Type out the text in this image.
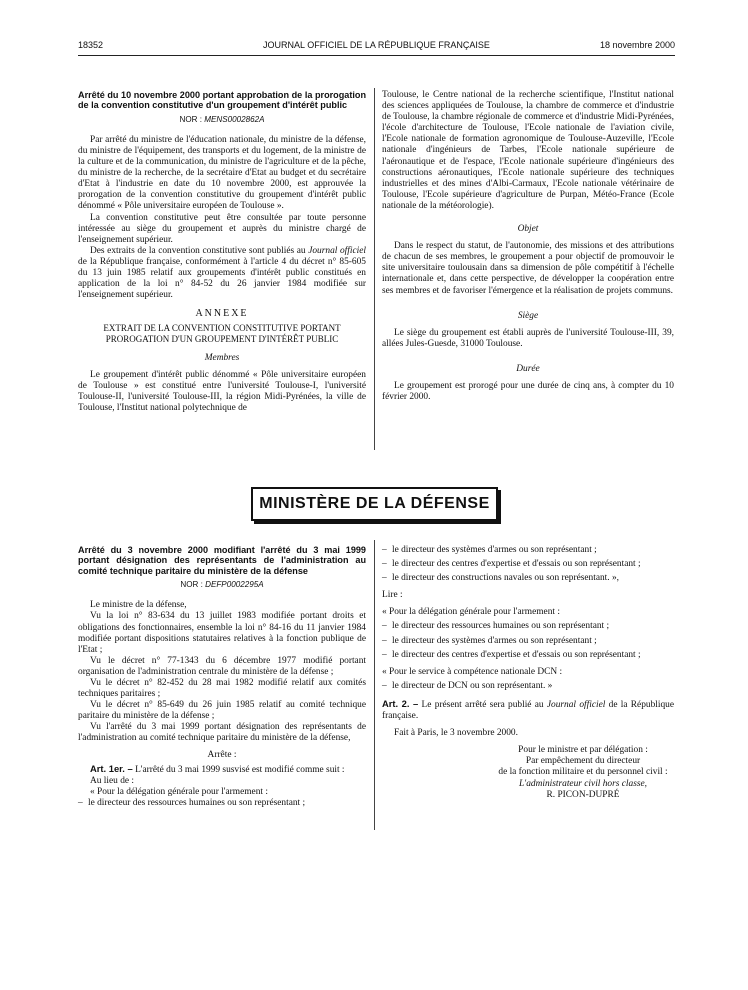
18352	JOURNAL OFFICIEL DE LA RÉPUBLIQUE FRANÇAISE	18 novembre 2000
Arrêté du 10 novembre 2000 portant approbation de la prorogation de la convention constitutive d'un groupement d'intérêt public
NOR : MENS0002862A

Par arrêté du ministre de l'éducation nationale, du ministre de la défense, du ministre de l'équipement, des transports et du logement, de la ministre de la culture et de la communication, du ministre de l'agriculture et de la pêche, du ministre de la recherche, de la secrétaire d'Etat au budget et du secrétaire d'Etat à l'industrie en date du 10 novembre 2000, est approuvée la prorogation de la convention constitutive du groupement d'intérêt public dénommé « Pôle universitaire européen de Toulouse ».

La convention constitutive peut être consultée par toute personne intéressée au siège du groupement et auprès du ministre chargé de l'enseignement supérieur.

Des extraits de la convention constitutive sont publiés au Journal officiel de la République française, conformément à l'article 4 du décret n° 85-605 du 13 juin 1985 relatif aux groupements d'intérêt public constitués en application de la loi n° 84-52 du 26 janvier 1984 modifiée sur l'enseignement supérieur.

ANNEXE
EXTRAIT DE LA CONVENTION CONSTITUTIVE PORTANT PROROGATION D'UN GROUPEMENT D'INTÉRÊT PUBLIC
Membres

Le groupement d'intérêt public dénommé « Pôle universitaire européen de Toulouse » est constitué entre l'université Toulouse-I, l'université Toulouse-II, l'université Toulouse-III, la région Midi-Pyrénées, la ville de Toulouse, l'Institut national polytechnique de

Toulouse, le Centre national de la recherche scientifique, l'Institut national des sciences appliquées de Toulouse, la chambre de commerce et d'industrie de Toulouse, la chambre régionale de commerce et d'industrie Midi-Pyrénées, l'école d'architecture de Toulouse, l'Ecole nationale de l'aviation civile, l'Ecole nationale de formation agronomique de Toulouse-Auzeville, l'Ecole nationale d'ingénieurs de Tarbes, l'Ecole nationale supérieure de l'aéronautique et de l'espace, l'Ecole nationale supérieure d'ingénieurs des constructions aéronautiques, l'Ecole nationale supérieure des techniques industrielles et des mines d'Albi-Carmaux, l'Ecole nationale vétérinaire de Toulouse, l'Ecole supérieure d'agriculture de Purpan, Météo-France (Ecole nationale de la météorologie).

Objet

Dans le respect du statut, de l'autonomie, des missions et des attributions de chacun de ses membres, le groupement a pour objectif de promouvoir le site universitaire toulousain dans sa dimension de pôle compétitif à l'échelle internationale et, dans cette perspective, de développer la coopération entre ses membres et de favoriser l'émergence et la réalisation de projets communs.

Siège

Le siège du groupement est établi auprès de l'université Toulouse-III, 39, allées Jules-Guesde, 31000 Toulouse.

Durée

Le groupement est prorogé pour une durée de cinq ans, à compter du 10 février 2000.

MINISTÈRE DE LA DÉFENSE
Arrêté du 3 novembre 2000 modifiant l'arrêté du 3 mai 1999 portant désignation des représentants de l'administration au comité technique paritaire du ministère de la défense
NOR : DEFP0002295A

Le ministre de la défense,

Vu la loi n° 83-634 du 13 juillet 1983 modifiée portant droits et obligations des fonctionnaires, ensemble la loi n° 84-16 du 11 janvier 1984 modifiée portant dispositions statutaires relatives à la fonction publique de l'Etat ;

Vu le décret n° 77-1343 du 6 décembre 1977 modifié portant organisation de l'administration centrale du ministère de la défense ;

Vu le décret n° 82-452 du 28 mai 1982 modifié relatif aux comités techniques paritaires ;

Vu le décret n° 85-649 du 26 juin 1985 relatif au comité technique paritaire du ministère de la défense ;

Vu l'arrêté du 3 mai 1999 portant désignation des représentants de l'administration au comité technique paritaire du ministère de la défense,

Arrête :

Art. 1er. – L'arrêté du 3 mai 1999 susvisé est modifié comme suit :

Au lieu de :

« Pour la délégation générale pour l'armement :

– le directeur des ressources humaines ou son représentant ;

– le directeur des systèmes d'armes ou son représentant ;

– le directeur des centres d'expertise et d'essais ou son représentant ;

– le directeur des constructions navales ou son représentant. »,

Lire :

« Pour la délégation générale pour l'armement :

– le directeur des ressources humaines ou son représentant ;

– le directeur des systèmes d'armes ou son représentant ;

– le directeur des centres d'expertise et d'essais ou son représentant ;

« Pour le service à compétence nationale DCN :

– le directeur de DCN ou son représentant. »

Art. 2. – Le présent arrêté sera publié au Journal officiel de la République française.

Fait à Paris, le 3 novembre 2000.

Pour le ministre et par délégation :
Par empêchement du directeur
de la fonction militaire et du personnel civil :
L'administrateur civil hors classe,
R. PICON-DUPRÉ
